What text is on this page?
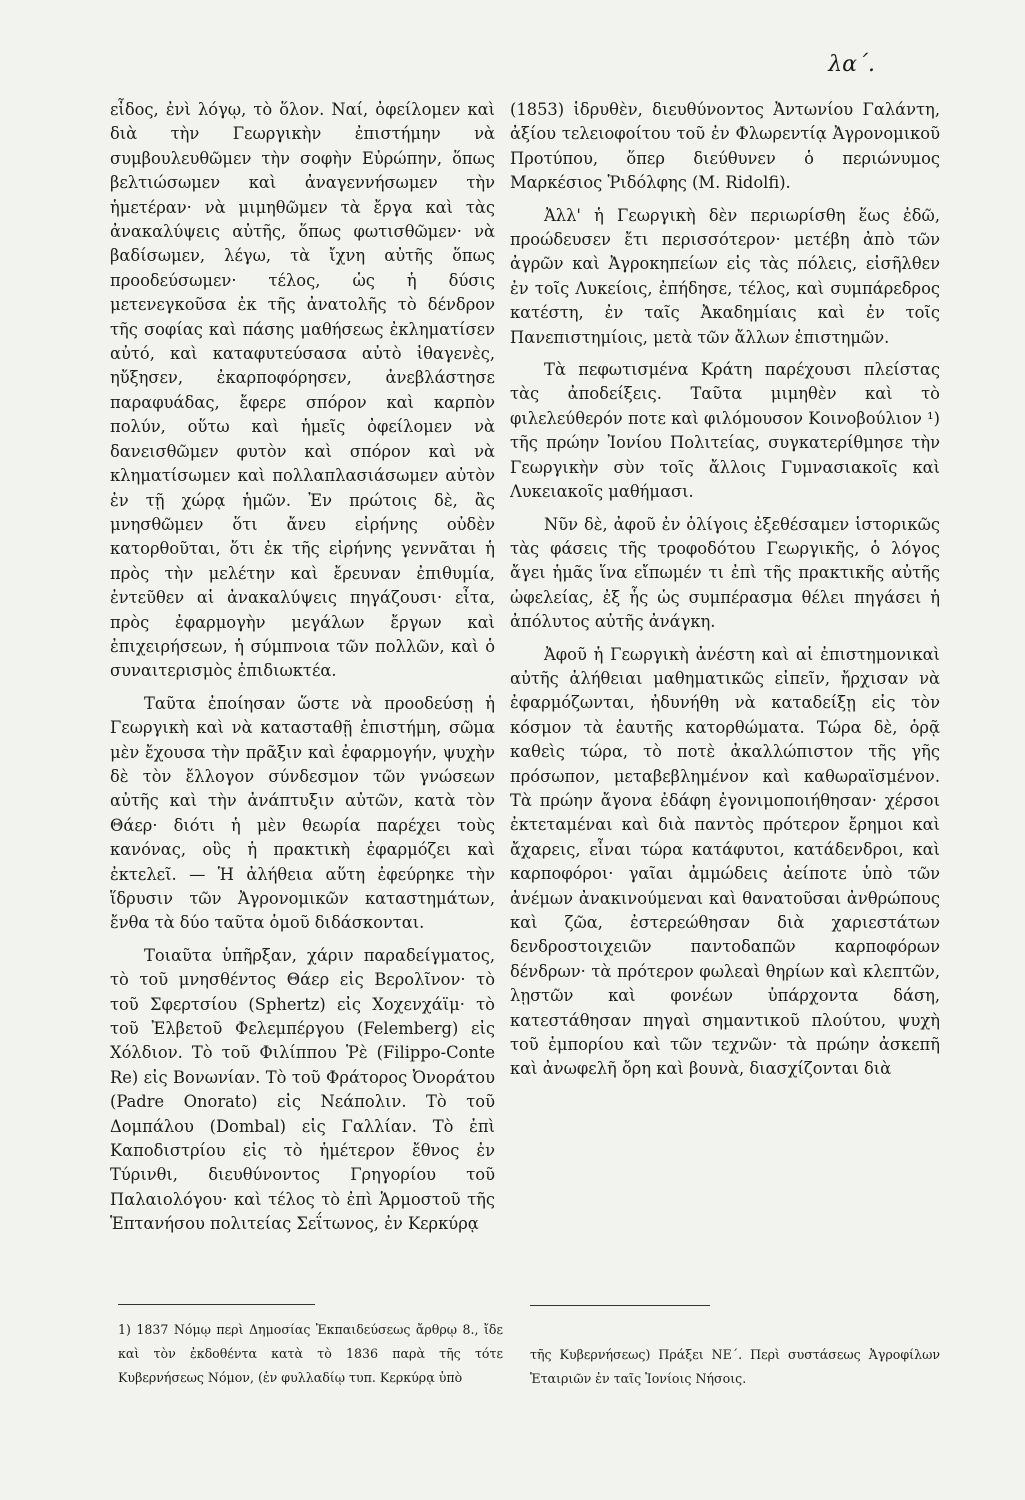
λα΄.

εἶδος, ἐνὶ λόγῳ, τὸ ὅλον. Ναί, ὀφείλομεν καὶ διὰ τὴν Γεωργικὴν ἐπιστήμην νὰ συμβουλευθῶμεν τὴν σοφὴν Εὐρώπην, ὅπως βελτιώσωμεν καὶ ἀναγεννήσωμεν τὴν ἡμετέραν· νὰ μιμηθῶμεν τὰ ἔργα καὶ τὰς ἀνακαλύψεις αὐτῆς, ὅπως φωτισθῶμεν· νὰ βαδίσωμεν, λέγω, τὰ ἴχνη αὐτῆς ὅπως προοδεύσωμεν· τέλος, ὡς ἡ δύσις μετενεγκοῦσα ἐκ τῆς ἀνατολῆς τὸ δένδρον τῆς σοφίας καὶ πάσης μαθήσεως ἐκληματίσεν αὐτό, καὶ καταφυτεύσασα αὐτὸ ἰθαγενὲς, ηὔξησεν, ἐκαρποφόρησεν, ἀνεβλάστησε παραφυάδας, ἔφερε σπόρον καὶ καρπὸν πολύν, οὕτω καὶ ἡμεῖς ὀφείλομεν νὰ δανεισθῶμεν φυτὸν καὶ σπόρον καὶ νὰ κληματίσωμεν καὶ πολλαπλασιάσωμεν αὐτὸν ἐν τῇ χώρᾳ ἡμῶν. Ἐν πρώτοις δὲ, ἂς μνησθῶμεν ὅτι ἄνευ εἰρήνης οὐδὲν κατορθοῦται, ὅτι ἐκ τῆς εἰρήνης γεννᾶται ἡ πρὸς τὴν μελέτην καὶ ἔρευναν ἐπιθυμία, ἐντεῦθεν αἱ ἀνακαλύψεις πηγάζουσι· εἶτα, πρὸς ἐφαρμογὴν μεγάλων ἔργων καὶ ἐπιχειρήσεων, ἡ σύμπνοια τῶν πολλῶν, καὶ ὁ συναιτερισμὸς ἐπιδιωκτέα.

Ταῦτα ἐποίησαν ὥστε νὰ προοδεύσῃ ἡ Γεωργικὴ καὶ νὰ κατασταθῇ ἐπιστήμη, σῶμα μὲν ἔχουσα τὴν πρᾶξιν καὶ ἐφαρμογήν, ψυχὴν δὲ τὸν ἔλλογον σύνδεσμον τῶν γνώσεων αὐτῆς καὶ τὴν ἀνάπτυξιν αὐτῶν, κατὰ τὸν Θάερ· διότι ἡ μὲν θεωρία παρέχει τοὺς κανόνας, οὓς ἡ πρακτικὴ ἐφαρμόζει καὶ ἐκτελεῖ. — Ἡ ἀλήθεια αὕτη ἐφεύρηκε τὴν ἵδρυσιν τῶν Ἀγρονομικῶν καταστημάτων, ἔνθα τὰ δύο ταῦτα ὁμοῦ διδάσκονται.

Τοιαῦτα ὑπῆρξαν, χάριν παραδείγματος, τὸ τοῦ μνησθέντος Θάερ εἰς Βερολῖνον· τὸ τοῦ Σφερτσίου (Sphertz) εἰς Χοχενχάϊμ· τὸ τοῦ Ἐλβετοῦ Φελεμπέργου (Felemberg) εἰς Χόλδιον. Τὸ τοῦ Φιλίππου Ῥὲ (Filippo-Conte Re) εἰς Βονωνίαν. Τὸ τοῦ Φράτορος Ὀνοράτου (Padre Onorato) εἰς Νεάπολιν. Τὸ τοῦ Δομπάλου (Dombal) εἰς Γαλλίαν. Τὸ ἐπὶ Καποδιστρίου εἰς τὸ ἡμέτερον ἔθνος ἐν Τύρινθι, διευθύνοντος Γρηγορίου τοῦ Παλαιολόγου· καὶ τέλος τὸ ἐπὶ Ἁρμοστοῦ τῆς Ἑπτανήσου πολιτείας Σεΐτωνος, ἐν Κερκύρᾳ

(1853) ἱδρυθὲν, διευθύνοντος Ἀντωνίου Γαλάντη, ἀξίου τελειοφοίτου τοῦ ἐν Φλωρεντίᾳ Ἀγρονομικοῦ Προτύπου, ὅπερ διεύθυνεν ὁ περιώνυμος Μαρκέσιος Ῥιδόλφης (M. Ridolfi).

Ἀλλ' ἡ Γεωργικὴ δὲν περιωρίσθη ἕως ἐδῶ, προώδευσεν ἔτι περισσότερον· μετέβη ἀπὸ τῶν ἀγρῶν καὶ Ἀγροκηπείων εἰς τὰς πόλεις, εἰσῆλθεν ἐν τοῖς Λυκείοις, ἐπήδησε, τέλος, καὶ συμπάρεδρος κατέστη, ἐν ταῖς Ἀκαδημίαις καὶ ἐν τοῖς Πανεπιστημίοις, μετὰ τῶν ἄλλων ἐπιστημῶν.

Τὰ πεφωτισμένα Κράτη παρέχουσι πλείστας τὰς ἀποδείξεις. Ταῦτα μιμηθὲν καὶ τὸ φιλελεύθερόν ποτε καὶ φιλόμουσον Κοινοβούλιον ¹) τῆς πρώην Ἰονίου Πολιτείας, συγκατερίθμησε τὴν Γεωργικὴν σὺν τοῖς ἄλλοις Γυμνασιακοῖς καὶ Λυκειακοῖς μαθήμασι.

Νῦν δὲ, ἀφοῦ ἐν ὀλίγοις ἐξεθέσαμεν ἱστορικῶς τὰς φάσεις τῆς τροφοδότου Γεωργικῆς, ὁ λόγος ἄγει ἡμᾶς ἵνα εἴπωμέν τι ἐπὶ τῆς πρακτικῆς αὐτῆς ὠφελείας, ἐξ ἧς ὡς συμπέρασμα θέλει πηγάσει ἡ ἀπόλυτος αὐτῆς ἀνάγκη.

Ἀφοῦ ἡ Γεωργικὴ ἀνέστη καὶ αἱ ἐπιστημονικαὶ αὐτῆς ἀλήθειαι μαθηματικῶς εἰπεῖν, ἤρχισαν νὰ ἐφαρμόζωνται, ἠδυνήθη νὰ καταδείξῃ εἰς τὸν κόσμον τὰ ἑαυτῆς κατορθώματα. Τώρα δὲ, ὁρᾷ καθεὶς τώρα, τὸ ποτὲ ἀκαλλώπιστον τῆς γῆς πρόσωπον, μεταβεβλημένον καὶ καθωραϊσμένον. Τὰ πρώην ἄγονα ἐδάφη ἐγονιμοποιήθησαν· χέρσοι ἐκτεταμέναι καὶ διὰ παντὸς πρότερον ἔρημοι καὶ ἄχαρεις, εἶναι τώρα κατάφυτοι, κατάδενδροι, καὶ καρποφόροι· γαῖαι ἀμμώδεις ἀείποτε ὑπὸ τῶν ἀνέμων ἀνακινούμεναι καὶ θανατοῦσαι ἀνθρώπους καὶ ζῶα, ἐστερεώθησαν διὰ χαριεστάτων δενδροστοιχειῶν παντοδαπῶν καρποφόρων δένδρων· τὰ πρότερον φωλεαὶ θηρίων καὶ κλεπτῶν, λῃστῶν καὶ φονέων ὑπάρχοντα δάση, κατεστάθησαν πηγαὶ σημαντικοῦ πλούτου, ψυχὴ τοῦ ἐμπορίου καὶ τῶν τεχνῶν· τὰ πρώην ἀσκεπῆ καὶ ἀνωφελῆ ὄρη καὶ βουνὰ, διασχίζονται διὰ

1) 1837 Νόμῳ περὶ Δημοσίας Ἐκπαιδεύσεως ἄρθρῳ 8., ἴδε καὶ τὸν ἐκδοθέντα κατὰ τὸ 1836 παρὰ τῆς τότε Κυβερνήσεως Νόμον, (ἐν φυλλαδίῳ τυπ. Κερκύρᾳ ὑπὸ
τῆς Κυβερνήσεως) Πράξει ΝΕ΄. Περὶ συστάσεως Ἀγροφίλων Ἑταιριῶν ἐν ταῖς Ἰονίοις Νήσοις.
